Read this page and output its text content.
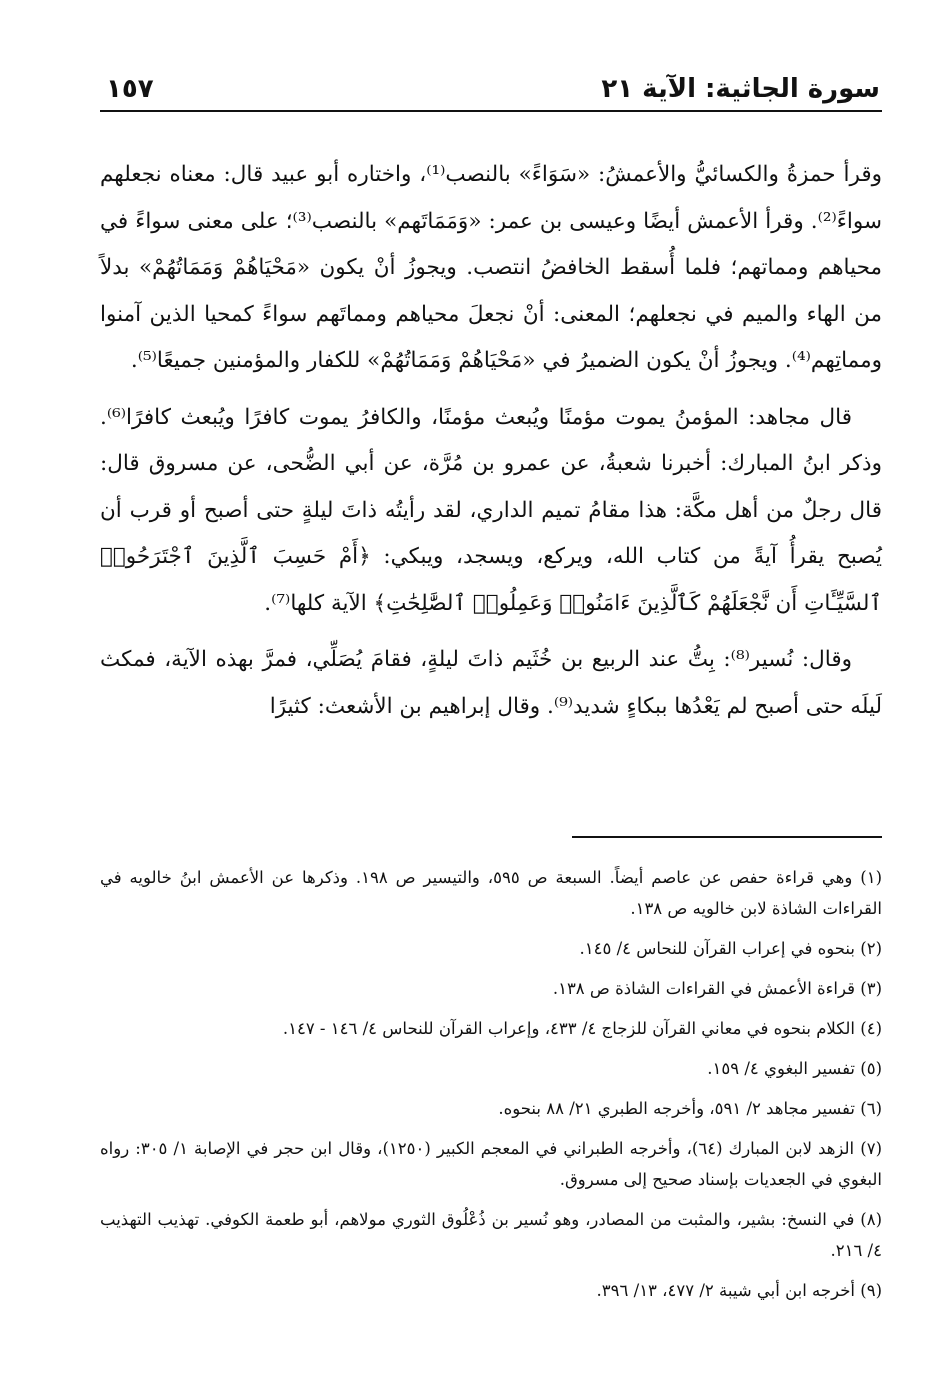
سورة الجاثية: الآية ٢١
١٥٧

وقرأ حمزةُ والكسائيُّ والأعمشُ: «سَوَاءً» بالنصب⁽¹⁾، واختاره أبو عبيد قال: معناه نجعلهم سواءً⁽²⁾. وقرأ الأعمش أيضًا وعيسى بن عمر: «وَمَمَاتَهم» بالنصب⁽³⁾؛ على معنى سواءً في محياهم ومماتهم؛ فلما أُسقط الخافضُ انتصب. ويجوزُ أنْ يكون «مَحْيَاهُمْ وَمَمَاتُهُمْ» بدلاً من الهاء والميم في نجعلهم؛ المعنى: أنْ نجعلَ محياهم ومماتَهم سواءً كمحيا الذين آمنوا ومماتِهم⁽⁴⁾. ويجوزُ أنْ يكون الضميرُ في «مَحْيَاهُمْ وَمَمَاتُهُمْ» للكفار والمؤمنين جميعًا⁽⁵⁾.

قال مجاهد: المؤمنُ يموت مؤمنًا ويُبعث مؤمنًا، والكافرُ يموت كافرًا ويُبعث كافرًا⁽⁶⁾. وذكر ابنُ المبارك: أخبرنا شعبةُ، عن عمرو بن مُرَّة، عن أبي الضُّحى، عن مسروق قال: قال رجلٌ من أهل مكَّة: هذا مقامُ تميم الداري، لقد رأيتُه ذاتَ ليلةٍ حتى أصبح أو قرب أن يُصبح يقرأُ آيةً من كتاب الله، ويركع، ويسجد، ويبكي: ﴿أَمْ حَسِبَ ٱلَّذِينَ ٱجْتَرَحُوا۟ ٱلسَّيِّـَٔاتِ أَن نَّجْعَلَهُمْ كَٱلَّذِينَ ءَامَنُوا۟ وَعَمِلُوا۟ ٱلصَّٰلِحَٰتِ﴾ الآية كلها⁽⁷⁾.

وقال: نُسير⁽⁸⁾: بِتُّ عند الربيع بن خُثَيم ذاتَ ليلةٍ، فقامَ يُصَلِّي، فمرَّ بهذه الآية، فمكث لَيلَه حتى أصبح لم يَعْدُها ببكاءٍ شديد⁽⁹⁾. وقال إبراهيم بن الأشعث: كثيرًا

(١) وهي قراءة حفص عن عاصم أيضاً. السبعة ص ٥٩٥، والتيسير ص ١٩٨. وذكرها عن الأعمش ابنُ خالويه في القراءات الشاذة لابن خالويه ص ١٣٨.

(٢) بنحوه في إعراب القرآن للنحاس ٤/ ١٤٥.

(٣) قراءة الأعمش في القراءات الشاذة ص ١٣٨.

(٤) الكلام بنحوه في معاني القرآن للزجاج ٤/ ٤٣٣، وإعراب القرآن للنحاس ٤/ ١٤٦ - ١٤٧.

(٥) تفسير البغوي ٤/ ١٥٩.

(٦) تفسير مجاهد ٢/ ٥٩١، وأخرجه الطبري ٢١/ ٨٨ بنحوه.

(٧) الزهد لابن المبارك (٦٤)، وأخرجه الطبراني في المعجم الكبير (١٢٥٠)، وقال ابن حجر في الإصابة ١/ ٣٠٥: رواه البغوي في الجعديات بإسناد صحيح إلى مسروق.

(٨) في النسخ: بشير، والمثبت من المصادر، وهو نُسير بن ذُعْلُوق الثوري مولاهم، أبو طعمة الكوفي. تهذيب التهذيب ٤/ ٢١٦.

(٩) أخرجه ابن أبي شيبة ٢/ ٤٧٧، ١٣/ ٣٩٦.
